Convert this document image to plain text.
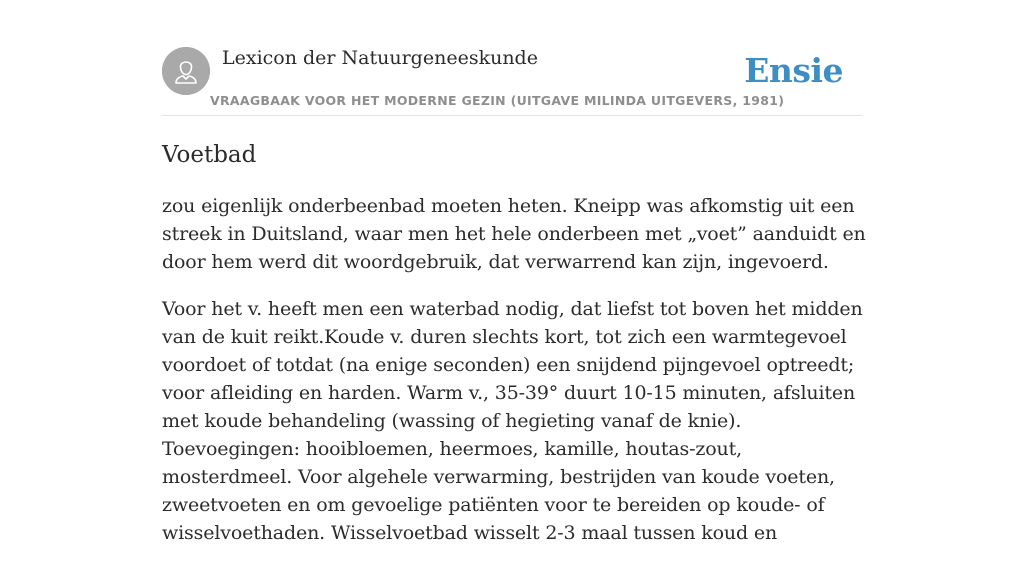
Lexicon der Natuurgeneeskunde
VRAAGBAAK VOOR HET MODERNE GEZIN (UITGAVE MILINDA UITGEVERS, 1981)
Ensie
Voetbad

zou eigenlijk onderbeenbad moeten heten. Kneipp was afkomstig uit een streek in Duitsland, waar men het hele onderbeen met „voet” aanduidt en door hem werd dit woordgebruik, dat verwarrend kan zijn, ingevoerd.

Voor het v. heeft men een waterbad nodig, dat liefst tot boven het midden van de kuit reikt.Koude v. duren slechts kort, tot zich een warmtegevoel voordoet of totdat (na enige seconden) een snijdend pijngevoel optreedt; voor afleiding en harden. Warm v., 35-39° duurt 10-15 minuten, afsluiten met koude behandeling (wassing of hegieting vanaf de knie). Toevoegingen: hooibloemen, heermoes, kamille, houtas-zout, mosterdmeel. Voor algehele verwarming, bestrijden van koude voeten, zweetvoeten en om gevoelige patiënten voor te bereiden op koude- of wisselvoethaden. Wisselvoetbad wisselt 2-3 maal tussen koud en
